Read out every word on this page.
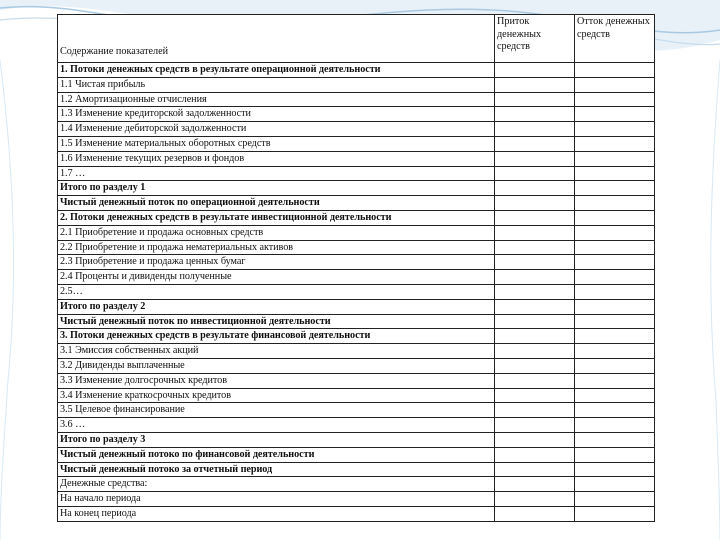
Содержание показателей	Приток денежных средств	Отток денежных средств
1. Потоки денежных средств в результате операционной деятельности		
1.1 Чистая прибыль		
1.2 Амортизационные отчисления		
1.3 Изменение кредиторской задолженности		
1.4 Изменение дебиторской задолженности		
1.5 Изменение материальных оборотных средств		
1.6 Изменение текущих резервов и фондов		
1.7 …		
Итого по разделу 1		
Чистый денежный поток по операционной деятельности		
2. Потоки денежных средств в результате инвестиционной деятельности		
2.1 Приобретение и продажа основных средств		
2.2 Приобретение и продажа нематериальных активов		
2.3 Приобретение и продажа ценных бумаг		
2.4 Проценты и дивиденды полученные		
2.5…		
Итого по разделу 2		
Чистый денежный поток по инвестиционной деятельности		
3. Потоки денежных средств в результате финансовой деятельности		
3.1 Эмиссия собственных акций		
3.2 Дивиденды выплаченные		
3.3 Изменение долгосрочных кредитов		
3.4 Изменение краткосрочных кредитов		
3.5 Целевое финансирование		
3.6 …		
Итого по разделу 3		
Чистый денежный потоко по финансовой деятельности		
Чистый денежный потоко за отчетный период		
Денежные средства:		
На начало периода		
На конец периода		
